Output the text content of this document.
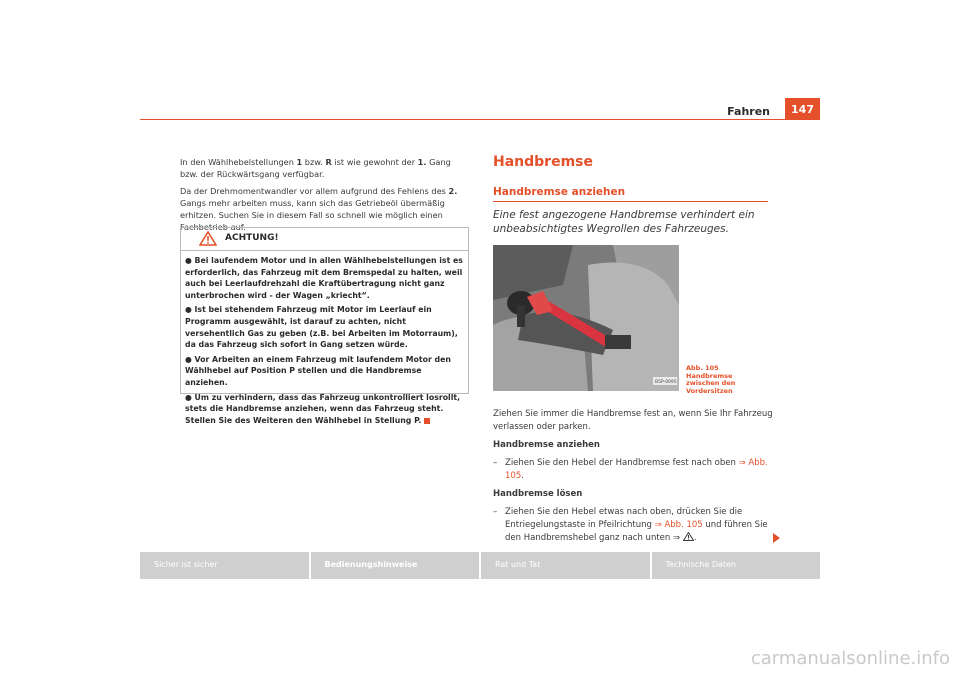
Fahren	147

In den Wählhebelstellungen 1 bzw. R ist wie gewohnt der 1. Gang bzw. der Rückwärtsgang verfügbar.

Da der Drehmomentwandler vor allem aufgrund des Fehlens des 2. Gangs mehr arbeiten muss, kann sich das Getriebeöl übermäßig erhitzen. Suchen Sie in diesem Fall so schnell wie möglich einen Fachbetrieb auf.

ACHTUNG!
● Bei laufendem Motor und in allen Wählhebelstellungen ist es erforderlich, das Fahrzeug mit dem Bremspedal zu halten, weil auch bei Leerlaufdrehzahl die Kraftübertragung nicht ganz unterbrochen wird - der Wagen „kriecht“.
● Ist bei stehendem Fahrzeug mit Motor im Leerlauf ein Programm ausgewählt, ist darauf zu achten, nicht versehentlich Gas zu geben (z.B. bei Arbeiten im Motorraum), da das Fahrzeug sich sofort in Gang setzen würde.
● Vor Arbeiten an einem Fahrzeug mit laufendem Motor den Wählhebel auf Position P stellen und die Handbremse anziehen.
● Um zu verhindern, dass das Fahrzeug unkontrolliert losrollt, stets die Handbremse anziehen, wenn das Fahrzeug steht. Stellen Sie des Weiteren den Wählhebel in Stellung P.
Handbremse
Handbremse anziehen
Eine fest angezogene Handbremse verhindert ein unbeabsichtigtes Wegrollen des Fahrzeuges.
B5P-0095
Abb. 105 Handbremse zwischen den Vordersitzen

Ziehen Sie immer die Handbremse fest an, wenn Sie Ihr Fahrzeug verlassen oder parken.

Handbremse anziehen

– Ziehen Sie den Hebel der Handbremse fest nach oben ⇒ Abb. 105.

Handbremse lösen

– Ziehen Sie den Hebel etwas nach oben, drücken Sie die Entriegelungstaste in Pfeilrichtung ⇒ Abb. 105 und führen Sie den Handbremshebel ganz nach unten ⇒ .
Sicher ist sicher	Bedienungshinweise	Rat und Tat	Technische Daten
carmanualsonline.info
